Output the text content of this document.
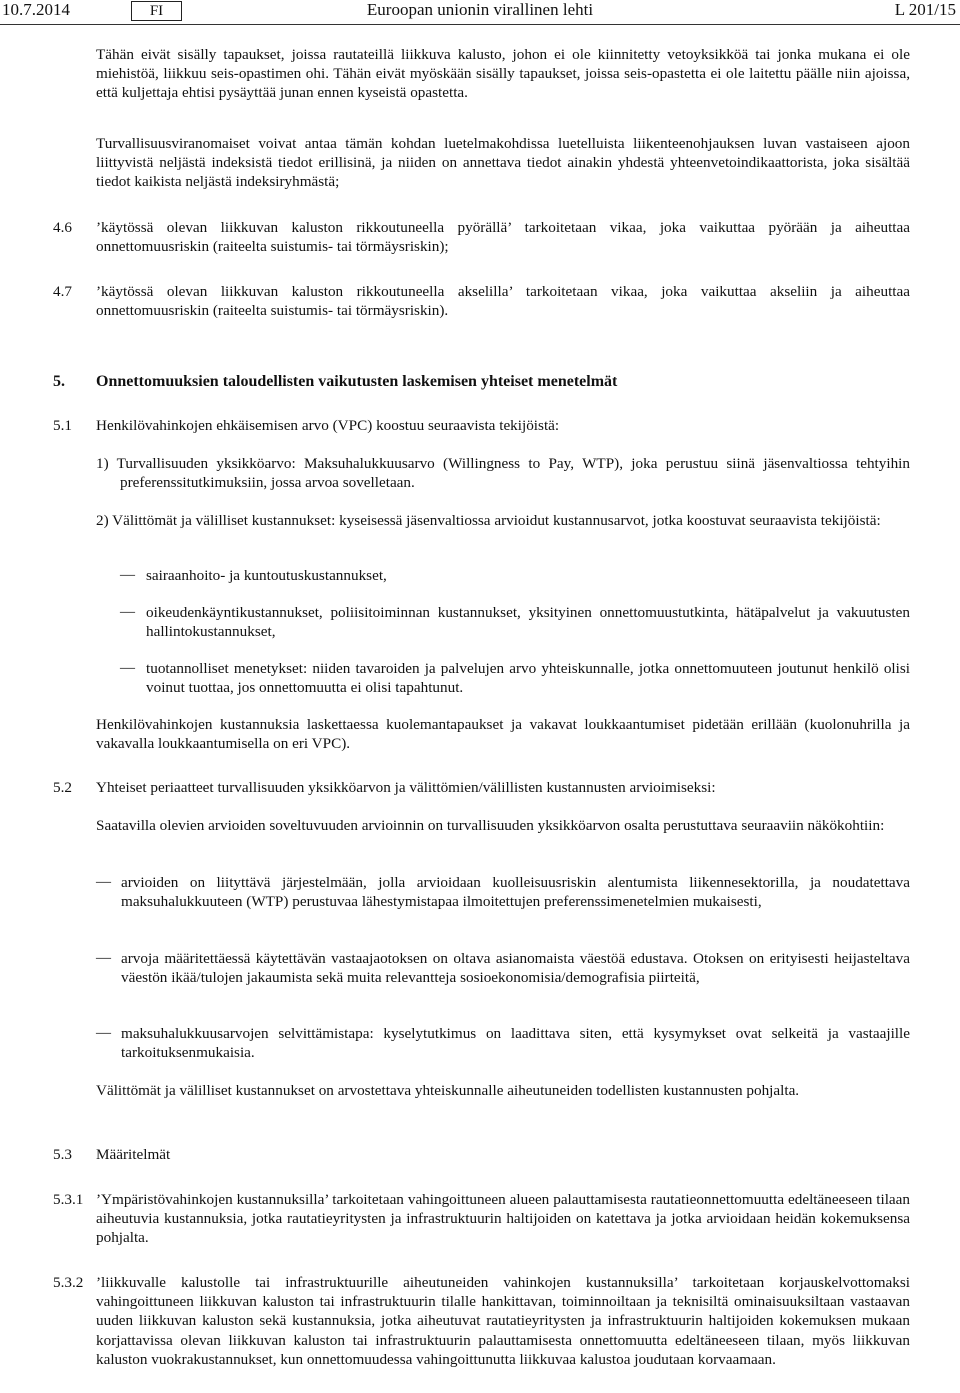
10.7.2014	FI	Euroopan unionin virallinen lehti	L 201/15
Tähän eivät sisälly tapaukset, joissa rautateillä liikkuva kalusto, johon ei ole kiinnitetty vetoyksikköä tai jonka mukana ei ole miehistöä, liikkuu seis-opastimen ohi. Tähän eivät myöskään sisälly tapaukset, joissa seis-opastetta ei ole laitettu päälle niin ajoissa, että kuljettaja ehtisi pysäyttää junan ennen kyseistä opastetta.
Turvallisuusviranomaiset voivat antaa tämän kohdan luetelmakohdissa luetelluista liikenteenohjauksen luvan vastaiseen ajoon liittyvistä neljästä indeksistä tiedot erillisinä, ja niiden on annettava tiedot ainakin yhdestä yhteenvetoindikaattorista, joka sisältää tiedot kaikista neljästä indeksiryhmästä;
4.6 ’käytössä olevan liikkuvan kaluston rikkoutuneella pyörällä’ tarkoitetaan vikaa, joka vaikuttaa pyörään ja aiheuttaa onnettomuusriskin (raiteelta suistumis- tai törmäysriskin);
4.7 ’käytössä olevan liikkuvan kaluston rikkoutuneella akselilla’ tarkoitetaan vikaa, joka vaikuttaa akseliin ja aiheuttaa onnettomuusriskin (raiteelta suistumis- tai törmäysriskin).
5. Onnettomuuksien taloudellisten vaikutusten laskemisen yhteiset menetelmät
5.1 Henkilövahinkojen ehkäisemisen arvo (VPC) koostuu seuraavista tekijöistä:
1) Turvallisuuden yksikköarvo: Maksuhalukkuusarvo (Willingness to Pay, WTP), joka perustuu siinä jäsenvaltiossa tehtyihin preferenssitutkimuksiin, jossa arvoa sovelletaan.
2) Välittömät ja välilliset kustannukset: kyseisessä jäsenvaltiossa arvioidut kustannusarvot, jotka koostuvat seuraavista tekijöistä:
— sairaanhoito- ja kuntoutuskustannukset,
— oikeudenkäyntikustannukset, poliisitoiminnan kustannukset, yksityinen onnettomuustutkinta, hätäpalvelut ja vakuutusten hallintokustannukset,
— tuotannolliset menetykset: niiden tavaroiden ja palvelujen arvo yhteiskunnalle, jotka onnettomuuteen joutunut henkilö olisi voinut tuottaa, jos onnettomuutta ei olisi tapahtunut.
Henkilövahinkojen kustannuksia laskettaessa kuolemantapaukset ja vakavat loukkaantumiset pidetään erillään (kuolonuhrilla ja vakavalla loukkaantumisella on eri VPC).
5.2 Yhteiset periaatteet turvallisuuden yksikköarvon ja välittömien/välillisten kustannusten arvioimiseksi:
Saatavilla olevien arvioiden soveltuvuuden arvioinnin on turvallisuuden yksikköarvon osalta perustuttava seuraaviin näkökohtiin:
— arvioiden on liityttävä järjestelmään, jolla arvioidaan kuolleisuusriskin alentumista liikennesektorilla, ja noudatettava maksuhalukkuuteen (WTP) perustuvaa lähestymistapaa ilmoitettujen preferenssimenetelmien mukaisesti,
— arvoja määritettäessä käytettävän vastaajaotoksen on oltava asianomaista väestöä edustava. Otoksen on erityisesti heijasteltava väestön ikää/tulojen jakaumista sekä muita relevantteja sosioekonomisia/demografisia piirteitä,
— maksuhalukkuusarvojen selvittämistapa: kyselytutkimus on laadittava siten, että kysymykset ovat selkeitä ja vastaajille tarkoituksenmukaisia.
Välittömät ja välilliset kustannukset on arvostettava yhteiskunnalle aiheutuneiden todellisten kustannusten pohjalta.
5.3 Määritelmät
5.3.1 ’Ympäristövahinkojen kustannuksilla’ tarkoitetaan vahingoittuneen alueen palauttamisesta rautatieonnettomuutta edeltäneeseen tilaan aiheutuvia kustannuksia, jotka rautatieyritysten ja infrastruktuurin haltijoiden on katettava ja jotka arvioidaan heidän kokemuksensa pohjalta.
5.3.2 ’liikkuvalle kalustolle tai infrastruktuurille aiheutuneiden vahinkojen kustannuksilla’ tarkoitetaan korjauskelvottomaksi vahingoittuneen liikkuvan kaluston tai infrastruktuurin tilalle hankittavan, toiminnoiltaan ja teknisiltä ominaisuuksiltaan vastaavan uuden liikkuvan kaluston sekä kustannuksia, jotka aiheutuvat rautatieyritysten ja infrastruktuurin haltijoiden kokemuksen mukaan korjattavissa olevan liikkuvan kaluston tai infrastruktuurin palauttamisesta onnettomuutta edeltäneeseen tilaan, myös liikkuvan kaluston vuokrakustannukset, kun onnettomuudessa vahingoittunutta liikkuvaa kalustoa joudutaan korvaamaan.
